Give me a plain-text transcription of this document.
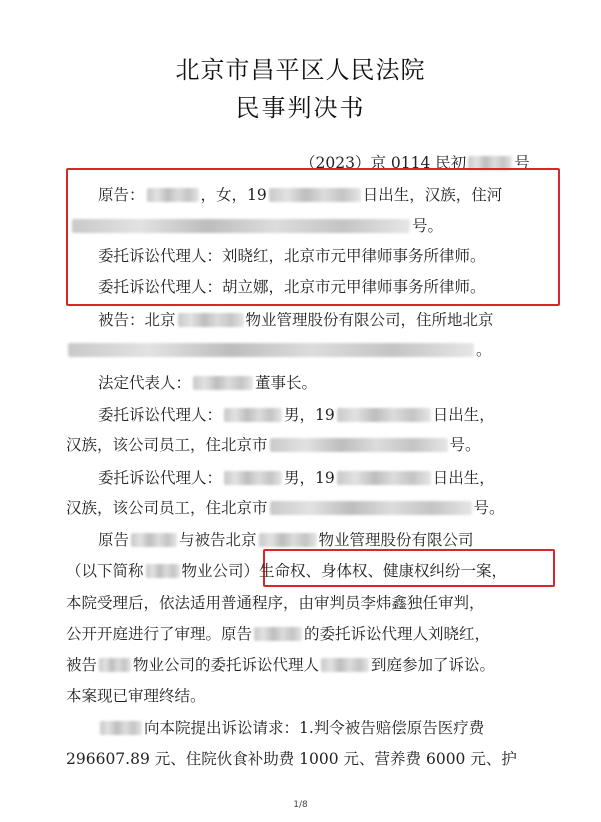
北京市昌平区人民法院
民事判决书
（2023）京 0114 民初	号
原告：	，女，19	日出生，汉族，住河
号。
委托诉讼代理人：刘晓红，北京市元甲律师事务所律师。
委托诉讼代理人：胡立娜，北京市元甲律师事务所律师。
被告：北京	物业管理股份有限公司，住所地北京
。
法定代表人：	董事长。
委托诉讼代理人：	男，19	日出生，
汉族，该公司员工，住北京市	号。
委托诉讼代理人：	男，19	日出生，
汉族，该公司员工，住北京市	号。
原告	与被告北京	物业管理股份有限公司
（以下简称 物业公司）生命权、身体权、健康权纠纷一案，
本院受理后，依法适用普通程序，由审判员李炜鑫独任审判，
公开开庭进行了审理。原告	的委托诉讼代理人刘晓红，
被告 物业公司的委托诉讼代理人	到庭参加了诉讼。
本案现已审理终结。
向本院提出诉讼请求：1.判令被告赔偿原告医疗费
296607.89 元、住院伙食补助费 1000 元、营养费 6000 元、护
1/8
